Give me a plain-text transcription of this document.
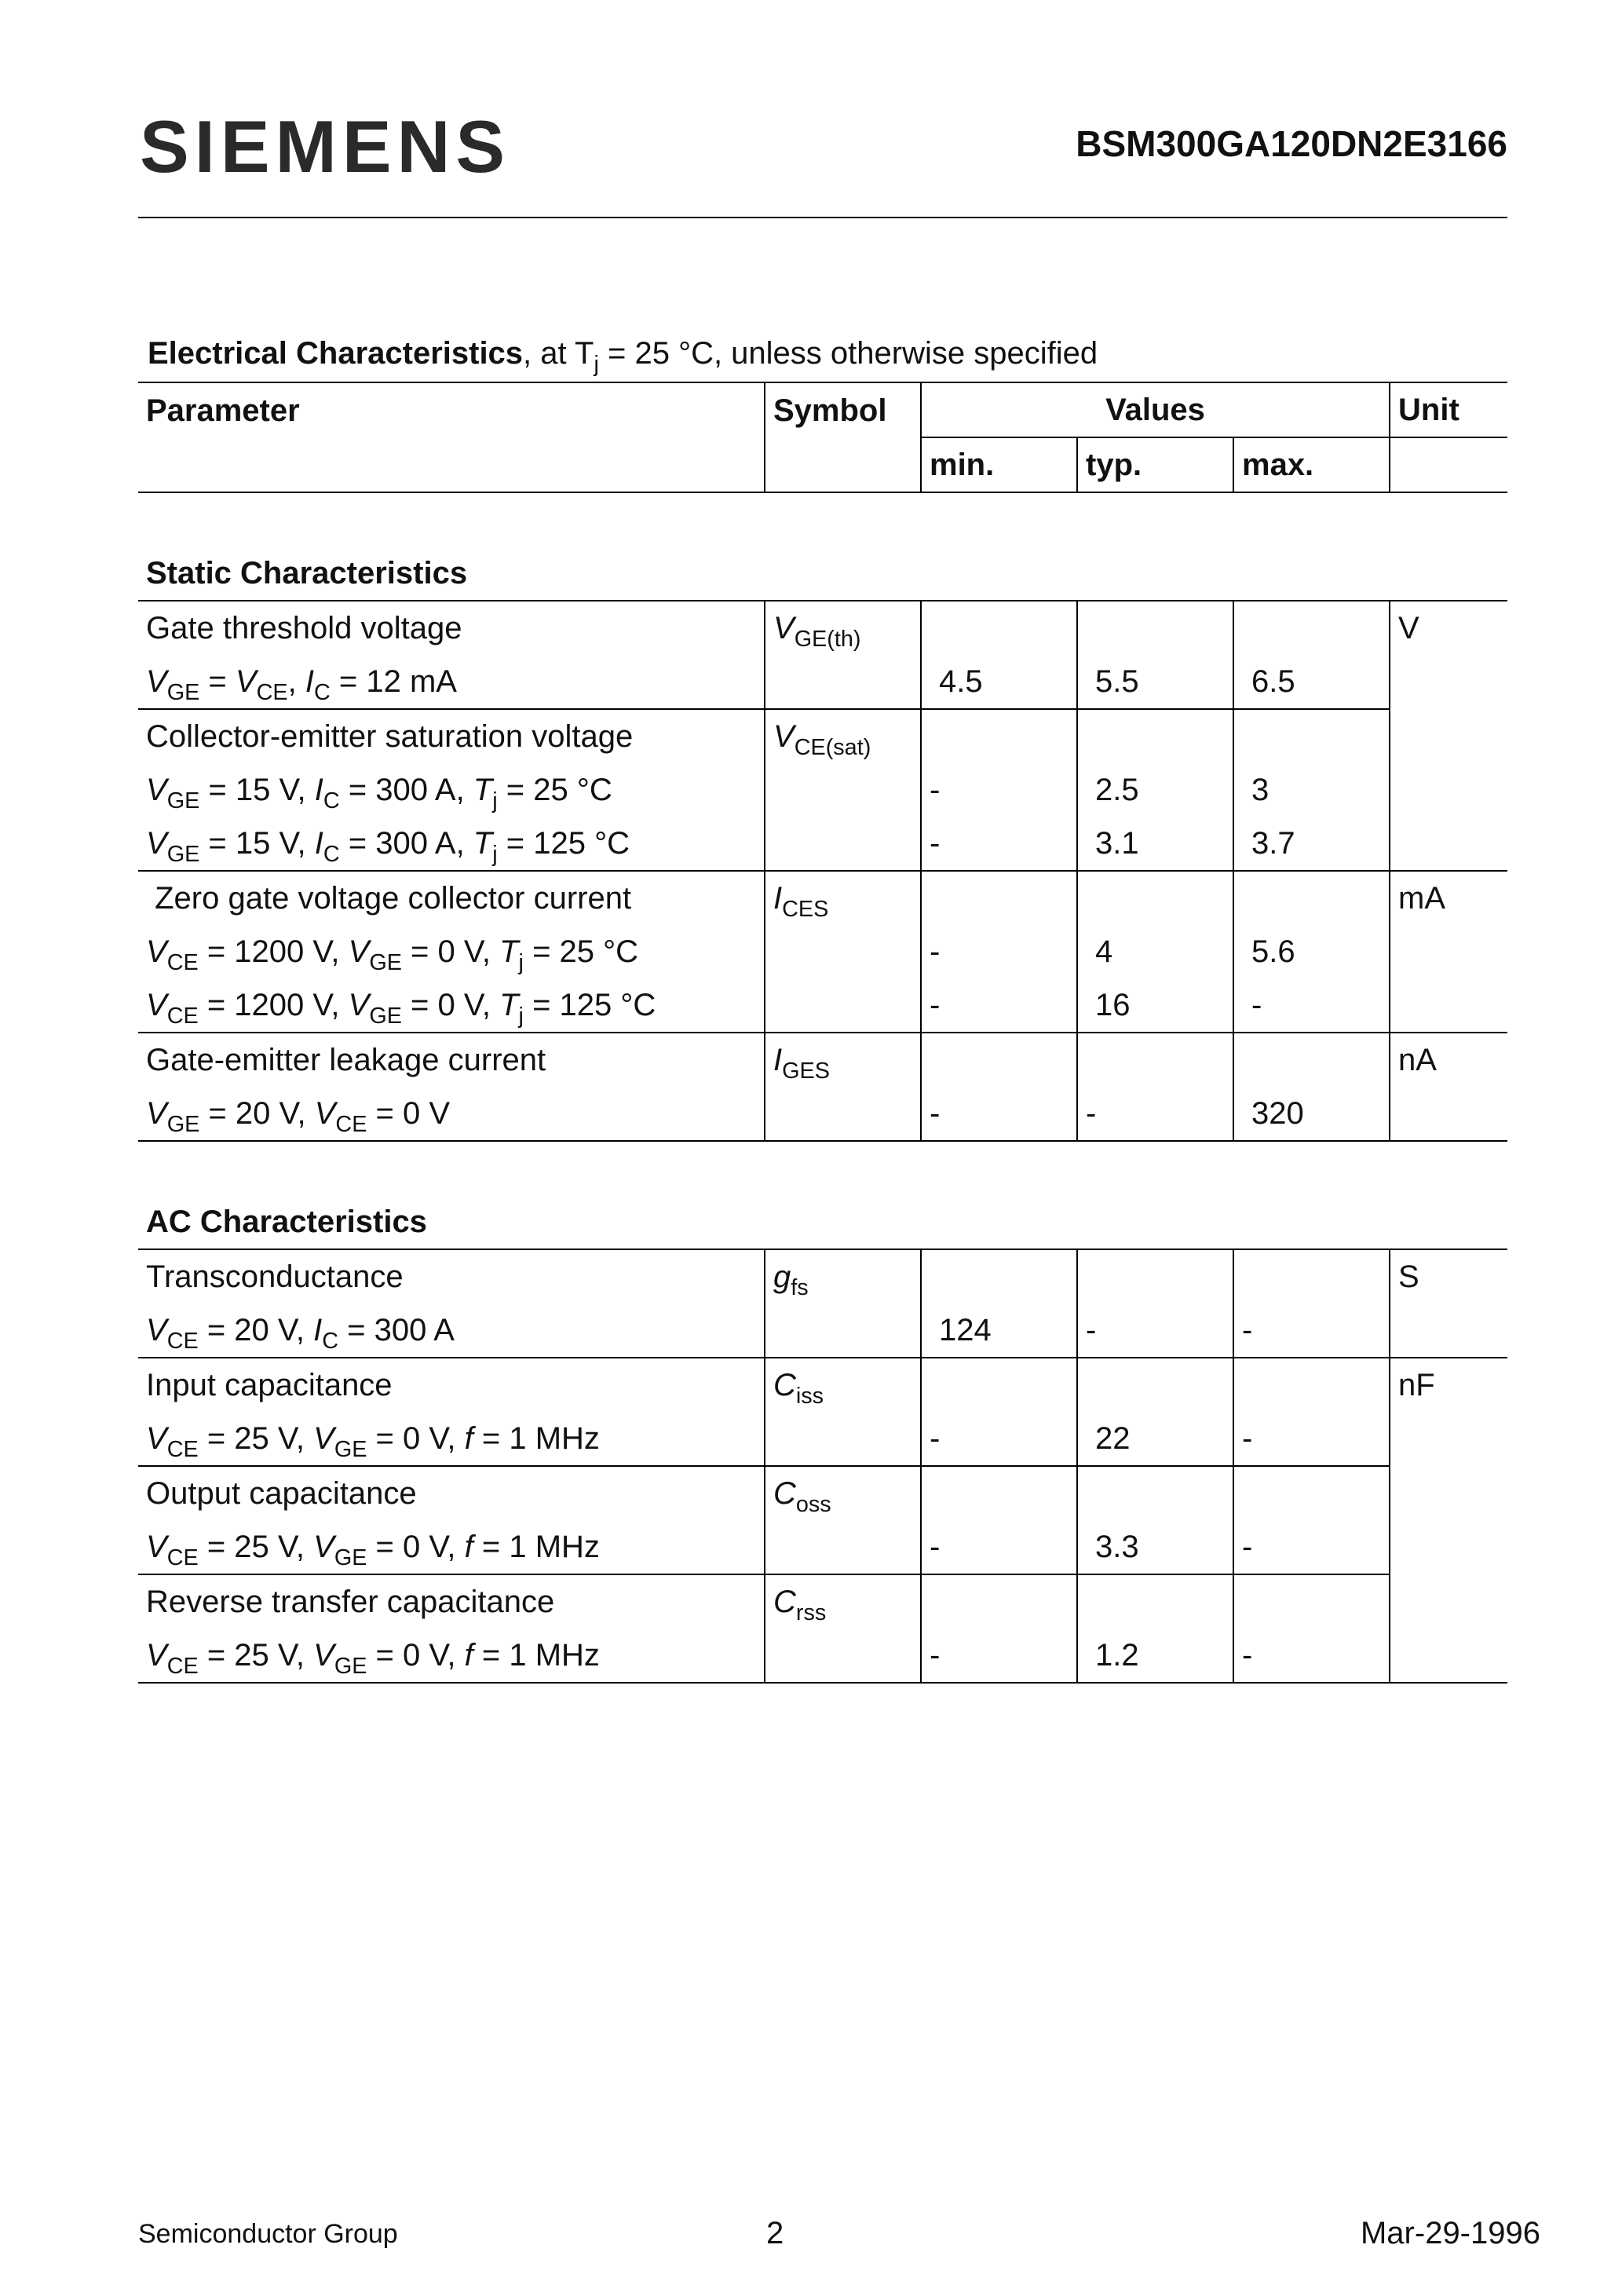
SIEMENS	BSM300GA120DN2E3166
Electrical Characteristics, at $T_j = 25$ °C, unless otherwise specified
Parameter	Symbol	Values			Unit
		min.	typ.	max.	

Static Characteristics					
Gate threshold voltage	$V_{GE(th)}$				V
$V_{GE} = V_{CE}$, $I_C = 12$ mA		4.5	5.5	6.5	
Collector-emitter saturation voltage	$V_{CE(sat)}$				
$V_{GE} = 15$ V, $I_C = 300$ A, $T_j = 25$ °C		-	2.5	3	
$V_{GE} = 15$ V, $I_C = 300$ A, $T_j = 125$ °C		-	3.1	3.7	
Zero gate voltage collector current	$I_{CES}$				mA
$V_{CE} = 1200$ V, $V_{GE} = 0$ V, $T_j = 25$ °C		-	4	5.6	
$V_{CE} = 1200$ V, $V_{GE} = 0$ V, $T_j = 125$ °C		-	16	-	
Gate-emitter leakage current	$I_{GES}$				nA
$V_{GE} = 20$ V, $V_{CE} = 0$ V		-	-	320	

AC Characteristics					
Transconductance	$g_{fs}$				S
$V_{CE} = 20$ V, $I_C = 300$ A		124	-	-	
Input capacitance	$C_{iss}$				nF
$V_{CE} = 25$ V, $V_{GE} = 0$ V, f = 1 MHz		-	22	-	
Output capacitance	$C_{oss}$				
$V_{CE} = 25$ V, $V_{GE} = 0$ V, f = 1 MHz		-	3.3	-	
Reverse transfer capacitance	$C_{rss}$				
$V_{CE} = 25$ V, $V_{GE} = 0$ V, f = 1 MHz		-	1.2	-	
Semiconductor Group	2	Mar-29-1996
